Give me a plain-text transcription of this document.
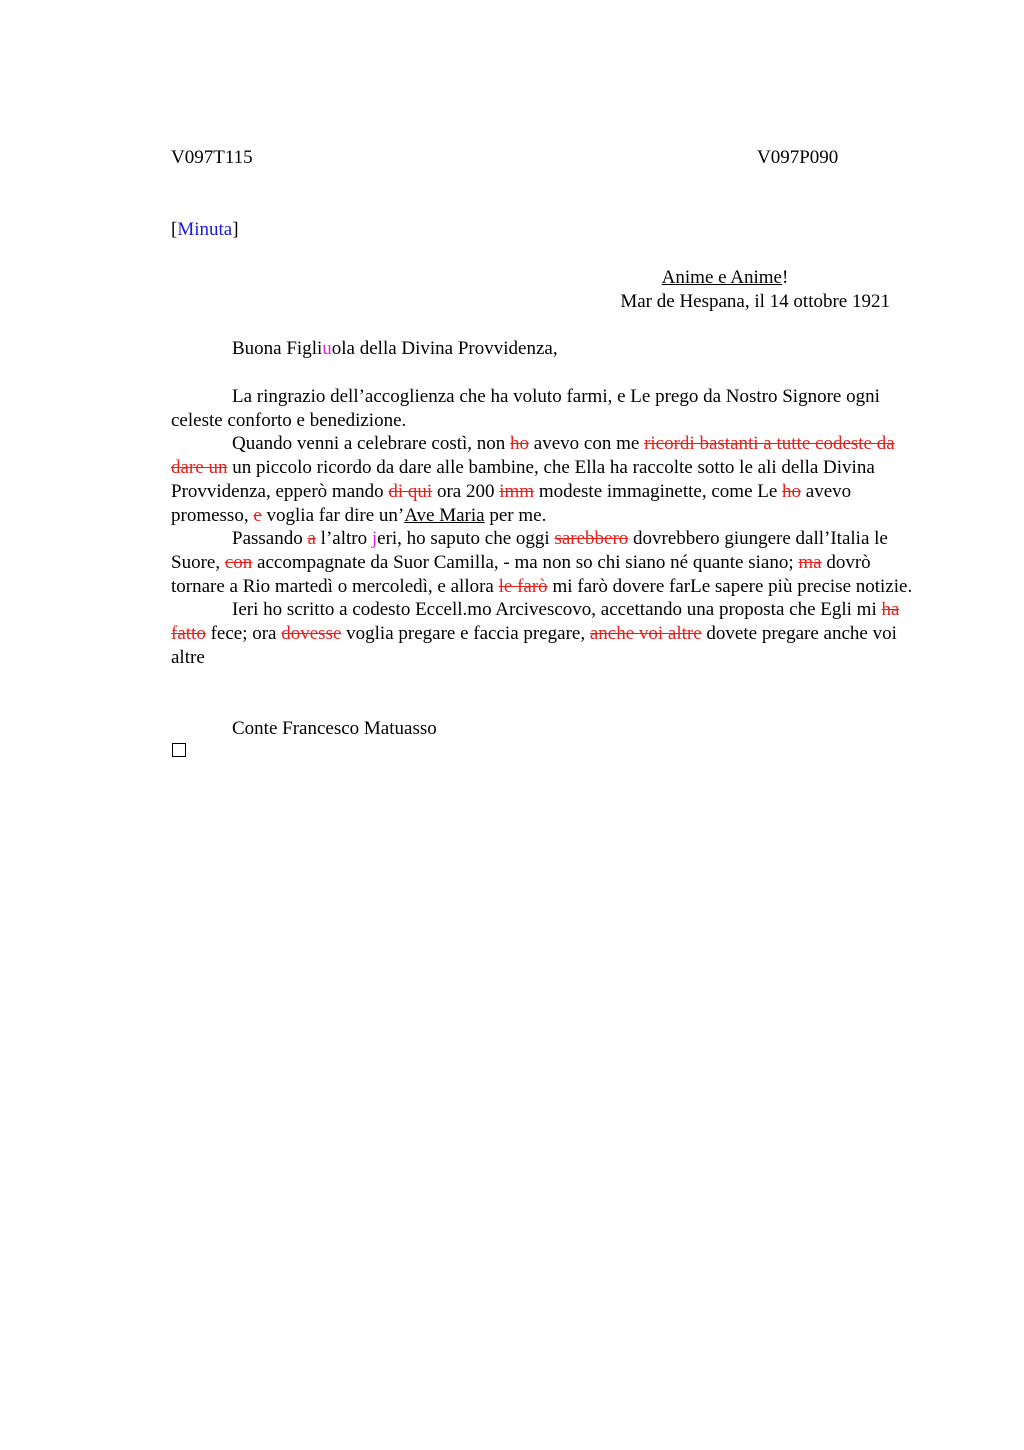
V097T115	V097P090
[Minuta]
Anime e Anime!
Mar de Hespana, il 14 ottobre 1921
Buona Figliuola della Divina Provvidenza,

La ringrazio dell’accoglienza che ha voluto farmi, e Le prego da Nostro Signore ogni celeste conforto e benedizione.

Quando venni a celebrare costì, non ho avevo con me ricordi bastanti a tutte codeste da dare un un piccolo ricordo da dare alle bambine, che Ella ha raccolte sotto le ali della Divina Provvidenza, epperò mando di qui ora 200 imm modeste immaginette, come Le ho avevo promesso, e voglia far dire un’Ave Maria per me.

Passando a l’altro jeri, ho saputo che oggi sarebbero dovrebbero giungere dall’Italia le Suore, con accompagnate da Suor Camilla, - ma non so chi siano né quante siano; ma dovrò tornare a Rio martedì o mercoledì, e allora le farò mi farò dovere farLe sapere più precise notizie.

Ieri ho scritto a codesto Eccell.mo Arcivescovo, accettando una proposta che Egli mi ha fatto fece; ora dovesse voglia pregare e faccia pregare, anche voi altre dovete pregare anche voi altre

Conte Francesco Matuasso
